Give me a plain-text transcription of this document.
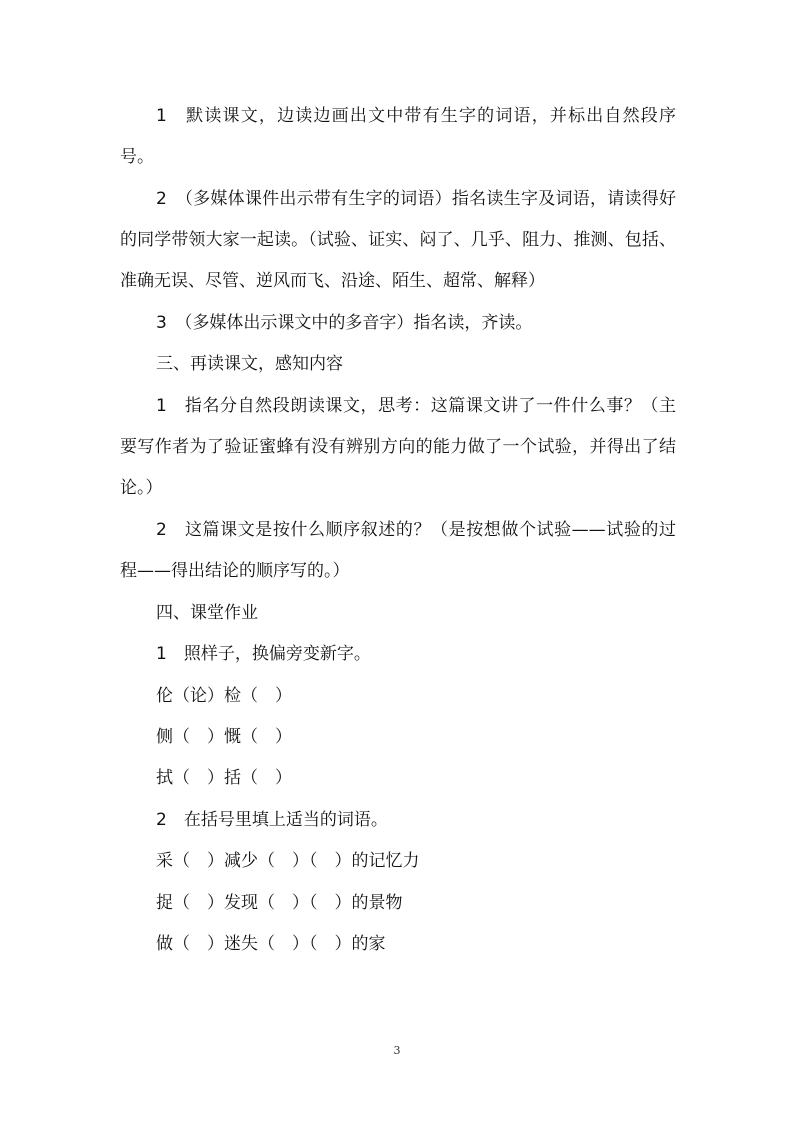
1　默读课文，边读边画出文中带有生字的词语，并标出自然段序号。

2　（多媒体课件出示带有生字的词语）指名读生字及词语，请读得好的同学带领大家一起读。（试验、证实、闷了、几乎、阻力、推测、包括、准确无误、尽管、逆风而飞、沿途、陌生、超常、解释）

3　（多媒体出示课文中的多音字）指名读，齐读。

三、再读课文，感知内容

1　指名分自然段朗读课文，思考：这篇课文讲了一件什么事？（主要写作者为了验证蜜蜂有没有辨别方向的能力做了一个试验，并得出了结论。）

2　这篇课文是按什么顺序叙述的？（是按想做个试验——试验的过程——得出结论的顺序写的。）

四、课堂作业

1　照样子，换偏旁变新字。

伦（论）检（　）

侧（　）慨（　）

拭（　）括（　）

2　在括号里填上适当的词语。

采（　）减少（　）（　）的记忆力

捉（　）发现（　）（　）的景物

做（　）迷失（　）（　）的家

3
